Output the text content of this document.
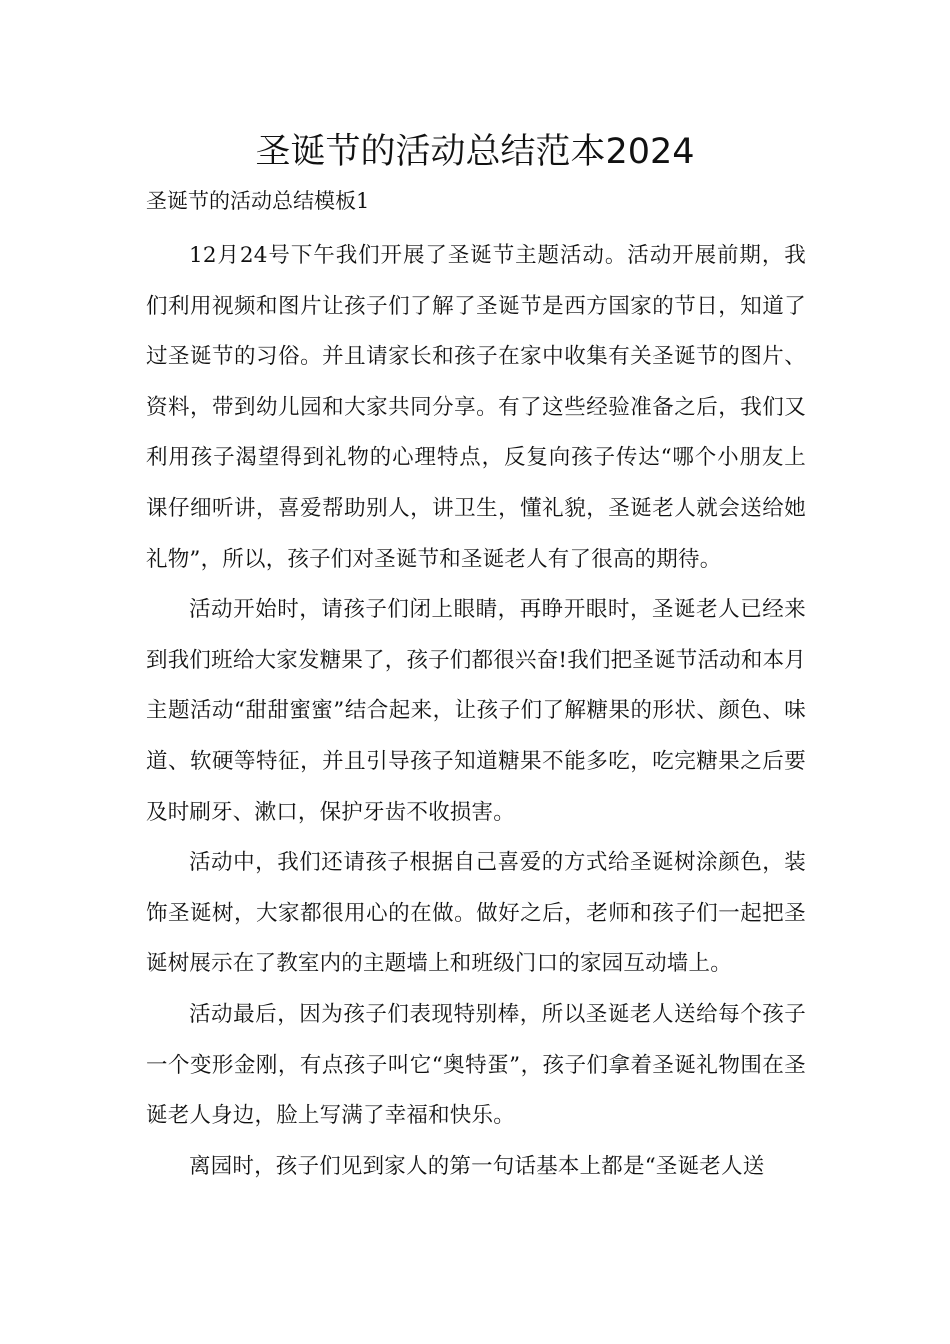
圣诞节的活动总结范本2024

圣诞节的活动总结模板1

12月24号下午我们开展了圣诞节主题活动。活动开展前期，我们利用视频和图片让孩子们了解了圣诞节是西方国家的节日，知道了过圣诞节的习俗。并且请家长和孩子在家中收集有关圣诞节的图片、资料，带到幼儿园和大家共同分享。有了这些经验准备之后，我们又利用孩子渴望得到礼物的心理特点，反复向孩子传达“哪个小朋友上课仔细听讲，喜爱帮助别人，讲卫生，懂礼貌，圣诞老人就会送给她礼物”，所以，孩子们对圣诞节和圣诞老人有了很高的期待。

活动开始时，请孩子们闭上眼睛，再睁开眼时，圣诞老人已经来到我们班给大家发糖果了，孩子们都很兴奋!我们把圣诞节活动和本月主题活动“甜甜蜜蜜”结合起来，让孩子们了解糖果的形状、颜色、味道、软硬等特征，并且引导孩子知道糖果不能多吃，吃完糖果之后要及时刷牙、漱口，保护牙齿不收损害。

活动中，我们还请孩子根据自己喜爱的方式给圣诞树涂颜色，装饰圣诞树，大家都很用心的在做。做好之后，老师和孩子们一起把圣诞树展示在了教室内的主题墙上和班级门口的家园互动墙上。

活动最后，因为孩子们表现特别棒，所以圣诞老人送给每个孩子一个变形金刚，有点孩子叫它“奥特蛋”，孩子们拿着圣诞礼物围在圣诞老人身边，脸上写满了幸福和快乐。

离园时，孩子们见到家人的第一句话基本上都是“圣诞老人送
